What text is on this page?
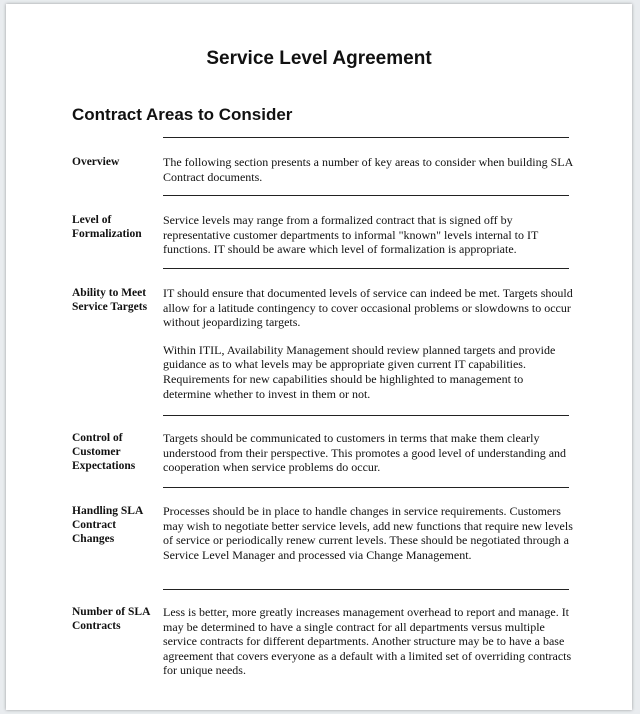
Service Level Agreement
Contract Areas to Consider
Overview	The following section presents a number of key areas to consider when building SLA Contract documents.

Level of
Formalization

Service levels may range from a formalized contract that is signed off by representative customer departments to informal "known" levels internal to IT functions. IT should be aware which level of formalization is appropriate.

Ability to Meet
Service Targets

IT should ensure that documented levels of service can indeed be met. Targets should allow for a latitude contingency to cover occasional problems or slowdowns to occur without jeopardizing targets.

Within ITIL, Availability Management should review planned targets and provide guidance as to what levels may be appropriate given current IT capabilities. Requirements for new capabilities should be highlighted to management to determine whether to invest in them or not.

Control of
Customer
Expectations

Targets should be communicated to customers in terms that make them clearly understood from their perspective. This promotes a good level of understanding and cooperation when service problems do occur.

Handling SLA
Contract
Changes

Processes should be in place to handle changes in service requirements. Customers may wish to negotiate better service levels, add new functions that require new levels of service or periodically renew current levels. These should be negotiated through a Service Level Manager and processed via Change Management.

Number of SLA
Contracts

Less is better, more greatly increases management overhead to report and manage. It may be determined to have a single contract for all departments versus multiple service contracts for different departments. Another structure may be to have a base agreement that covers everyone as a default with a limited set of overriding contracts for unique needs.
